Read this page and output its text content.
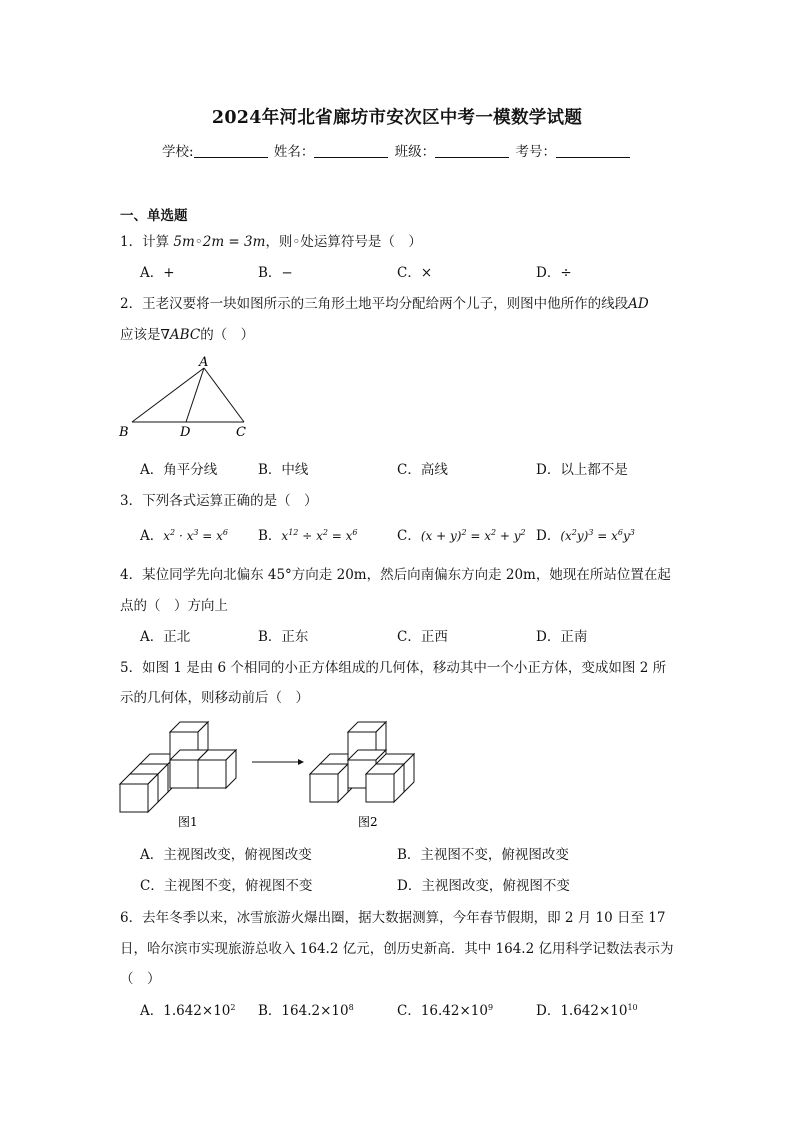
2024年河北省廊坊市安次区中考一模数学试题
学校:	姓名：	班级：	考号：
一、单选题
1．计算 5m◦2m = 3m，则◦处运算符号是（　）
A．+	B．−	C．×	D．÷
2．王老汉要将一块如图所示的三角形土地平均分配给两个儿子，则图中他所作的线段AD
应该是∇ABC的（　）
A
B	D	C
A．角平分线	B．中线	C．高线	D．以上都不是
3．下列各式运算正确的是（　）
A．$x^2 \cdot x^3 = x^6$ B．$x^{12} \div x^2 = x^6$	C．$(x + y)^2 = x^2 + y^2$ D．$(x^2y)^3 = x^6y^3$
4．某位同学先向北偏东 45°方向走 20m，然后向南偏东方向走 20m，她现在所站位置在起
点的（　）方向上
A．正北	B．正东	C．正西	D．正南
5．如图 1 是由 6 个相同的小正方体组成的几何体，移动其中一个小正方体，变成如图 2 所
示的几何体，则移动前后（　）
图1	图2
A．主视图改变，俯视图改变	B．主视图不变，俯视图改变
C．主视图不变，俯视图不变	D．主视图改变，俯视图不变
6．去年冬季以来，冰雪旅游火爆出圈，据大数据测算，今年春节假期，即 2 月 10 日至 17
日，哈尔滨市实现旅游总收入 164.2 亿元，创历史新高．其中 164.2 亿用科学记数法表示为
（　）
A．$1.642\times 10^2$ B．$164.2\times 10^8$	C．$16.42\times 10^9$	D．$1.642\times 10^{10}$
